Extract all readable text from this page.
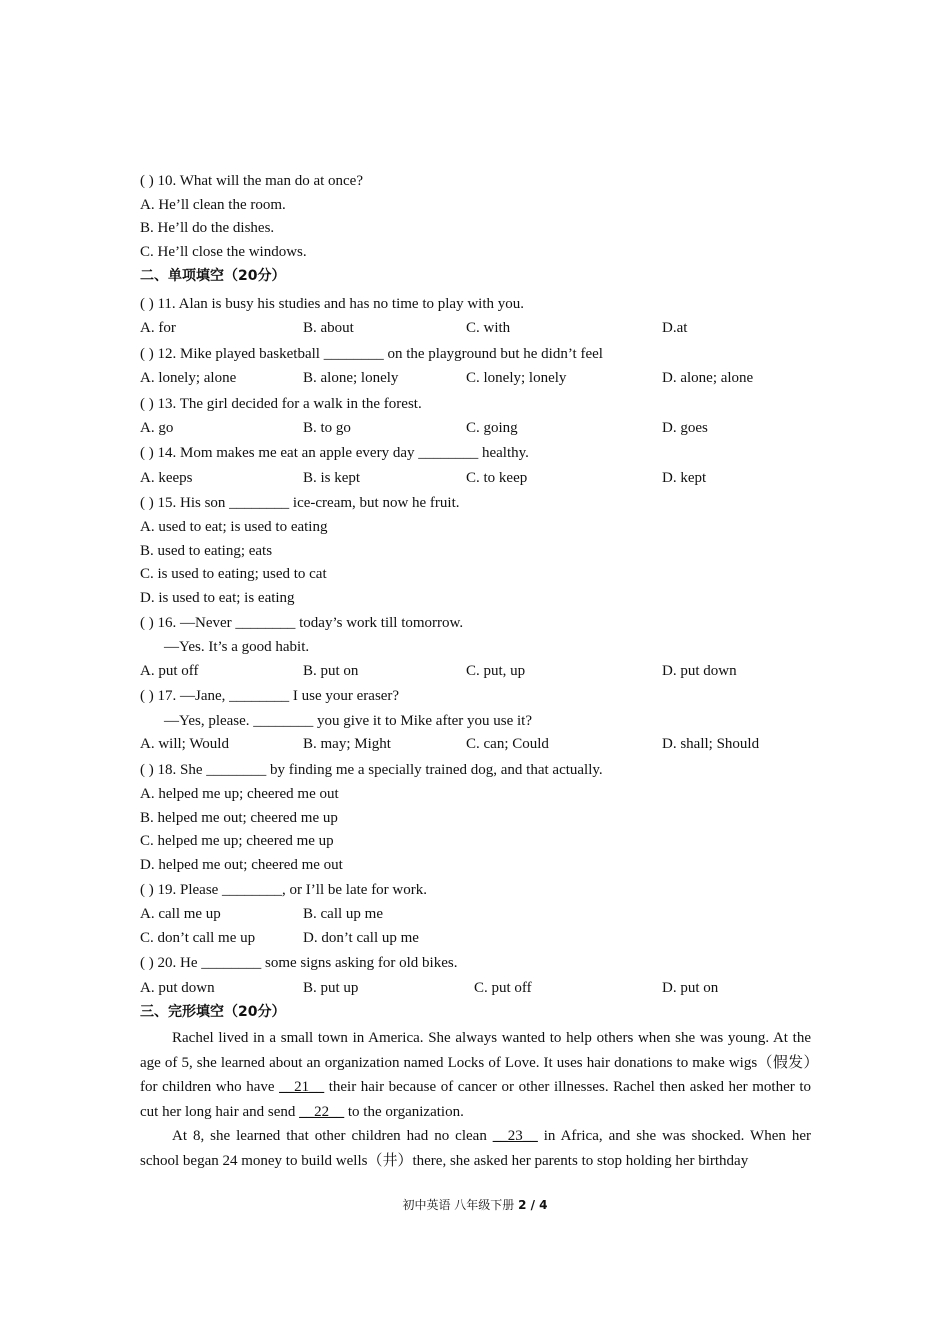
( ) 10. What will the man do at once?
A. He’ll clean the room.
B. He’ll do the dishes.
C. He’ll close the windows.
二、单项填空（20分）
( ) 11. Alan is busy his studies and has no time to play with you.
A. for	B. about	C. with	D.at
( ) 12. Mike played basketball ________ on the playground but he didn’t feel
A. lonely; alone	B. alone; lonely	C. lonely; lonely	D. alone; alone
( ) 13. The girl decided for a walk in the forest.
A. go	B. to go	C. going	D. goes
( ) 14. Mom makes me eat an apple every day ________ healthy.
A. keeps	B. is kept	C. to keep	D. kept
( ) 15. His son ________ ice-cream, but now he fruit.
A. used to eat; is used to eating
B. used to eating; eats
C. is used to eating; used to cat
D. is used to eat; is eating
( ) 16. —Never ________ today’s work till tomorrow.
—Yes. It’s a good habit.
A. put off	B. put on	C. put, up	D. put down
( ) 17. —Jane, ________ I use your eraser?
—Yes, please. ________ you give it to Mike after you use it?
A. will; Would	B. may; Might	C. can; Could	D. shall; Should
( ) 18. She ________ by finding me a specially trained dog, and that actually.
A. helped me up; cheered me out
B. helped me out; cheered me up
C. helped me up; cheered me up
D. helped me out; cheered me out
( ) 19. Please ________, or I’ll be late for work.
A. call me up	B. call up me
C. don’t call me up	D. don’t call up me
( ) 20. He ________ some signs asking for old bikes.
A. put down	B. put up	C. put off	D. put on
三、完形填空（20分）
Rachel lived in a small town in America. She always wanted to help others when she was young. At the age of 5, she learned about an organization named Locks of Love. It uses hair donations to make wigs（假发）for children who have __21__ their hair because of cancer or other illnesses. Rachel then asked her mother to cut her long hair and send __22__ to the organization.
At 8, she learned that other children had no clean __23__ in Africa, and she was shocked. When her school began 24 money to build wells（井）there, she asked her parents to stop holding her birthday
初中英语 八年级下册 2 / 4
